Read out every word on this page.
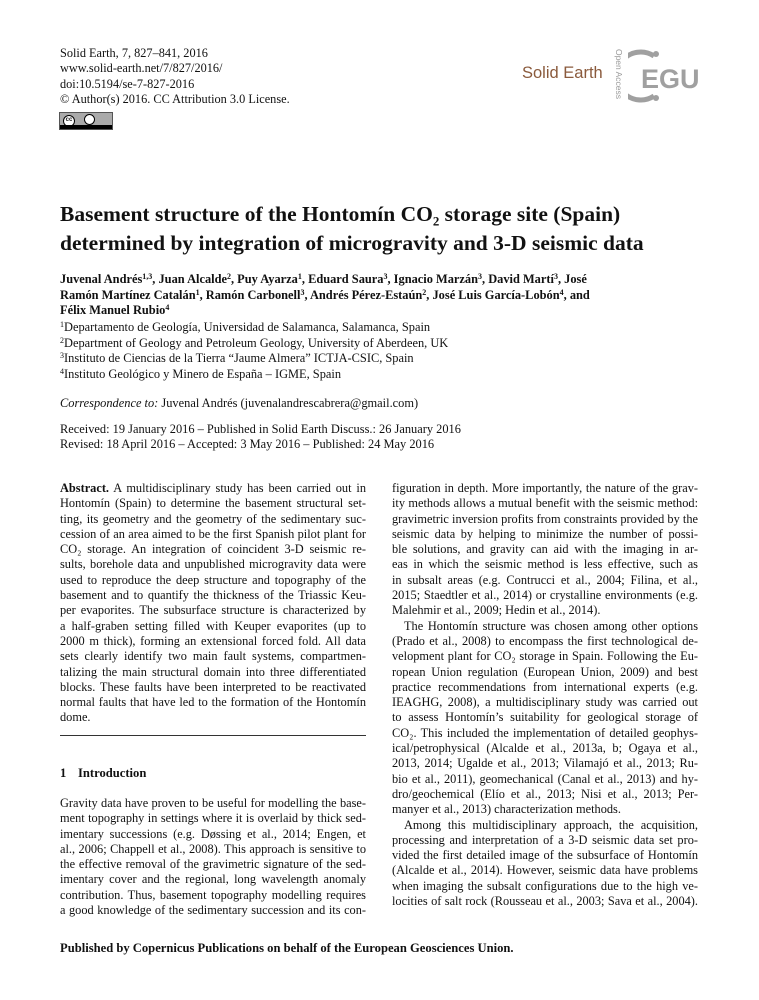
Solid Earth, 7, 827–841, 2016
www.solid-earth.net/7/827/2016/
doi:10.5194/se-7-827-2016
© Author(s) 2016. CC Attribution 3.0 License.
cc
Solid Earth Open Access EGU
Basement structure of the Hontomín CO₂ storage site (Spain)
determined by integration of microgravity and 3-D seismic data
Juvenal Andrés$^{1,3}$, Juan Alcalde$^2$, Puy Ayarza$^1$, Eduard Saura$^3$, Ignacio Marzán$^3$, David Martí$^3$, José
Ramón Martínez Catalán$^1$, Ramón Carbonell$^3$, Andrés Pérez-Estaún$^2$, José Luis García-Lobón$^4$, and
Félix Manuel Rubio$^4$
$^1$Departamento de Geología, Universidad de Salamanca, Salamanca, Spain
$^2$Department of Geology and Petroleum Geology, University of Aberdeen, UK
$^3$Instituto de Ciencias de la Tierra “Jaume Almera” ICTJA-CSIC, Spain
$^4$Instituto Geológico y Minero de España – IGME, Spain
Correspondence to: Juvenal Andrés (juvenalandrescabrera@gmail.com)
Received: 19 January 2016 – Published in Solid Earth Discuss.: 26 January 2016
Revised: 18 April 2016 – Accepted: 3 May 2016 – Published: 24 May 2016
Abstract. A multidisciplinary study has been carried out in
Hontomín (Spain) to determine the basement structural set-
ting, its geometry and the geometry of the sedimentary suc-
cession of an area aimed to be the first Spanish pilot plant for
CO₂ storage. An integration of coincident 3-D seismic re-
sults, borehole data and unpublished microgravity data were
used to reproduce the deep structure and topography of the
basement and to quantify the thickness of the Triassic Keu-
per evaporites. The subsurface structure is characterized by
a half-graben setting filled with Keuper evaporites (up to
2000 m thick), forming an extensional forced fold. All data
sets clearly identify two main fault systems, compartmen-
talizing the main structural domain into three differentiated
blocks. These faults have been interpreted to be reactivated
normal faults that have led to the formation of the Hontomín
dome.
1 Introduction
Gravity data have proven to be useful for modelling the base-
ment topography in settings where it is overlaid by thick sed-
imentary successions (e.g. Døssing et al., 2014; Engen, et
al., 2006; Chappell et al., 2008). This approach is sensitive to
the effective removal of the gravimetric signature of the sed-
imentary cover and the regional, long wavelength anomaly
contribution. Thus, basement topography modelling requires
a good knowledge of the sedimentary succession and its con-
figuration in depth. More importantly, the nature of the grav-
ity methods allows a mutual benefit with the seismic method:
gravimetric inversion profits from constraints provided by the
seismic data by helping to minimize the number of possi-
ble solutions, and gravity can aid with the imaging in ar-
eas in which the seismic method is less effective, such as
in subsalt areas (e.g. Contrucci et al., 2004; Filina, et al.,
2015; Staedtler et al., 2014) or crystalline environments (e.g.
Malehmir et al., 2009; Hedin et al., 2014).
The Hontomín structure was chosen among other options
(Prado et al., 2008) to encompass the first technological de-
velopment plant for CO₂ storage in Spain. Following the Eu-
ropean Union regulation (European Union, 2009) and best
practice recommendations from international experts (e.g.
IEAGHG, 2008), a multidisciplinary study was carried out
to assess Hontomín’s suitability for geological storage of
CO₂. This included the implementation of detailed geophys-
ical/petrophysical (Alcalde et al., 2013a, b; Ogaya et al.,
2013, 2014; Ugalde et al., 2013; Vilamajó et al., 2013; Ru-
bio et al., 2011), geomechanical (Canal et al., 2013) and hy-
dro/geochemical (Elío et al., 2013; Nisi et al., 2013; Per-
manyer et al., 2013) characterization methods.
Among this multidisciplinary approach, the acquisition,
processing and interpretation of a 3-D seismic data set pro-
vided the first detailed image of the subsurface of Hontomín
(Alcalde et al., 2014). However, seismic data have problems
when imaging the subsalt configurations due to the high ve-
locities of salt rock (Rousseau et al., 2003; Sava et al., 2004).
Published by Copernicus Publications on behalf of the European Geosciences Union.
